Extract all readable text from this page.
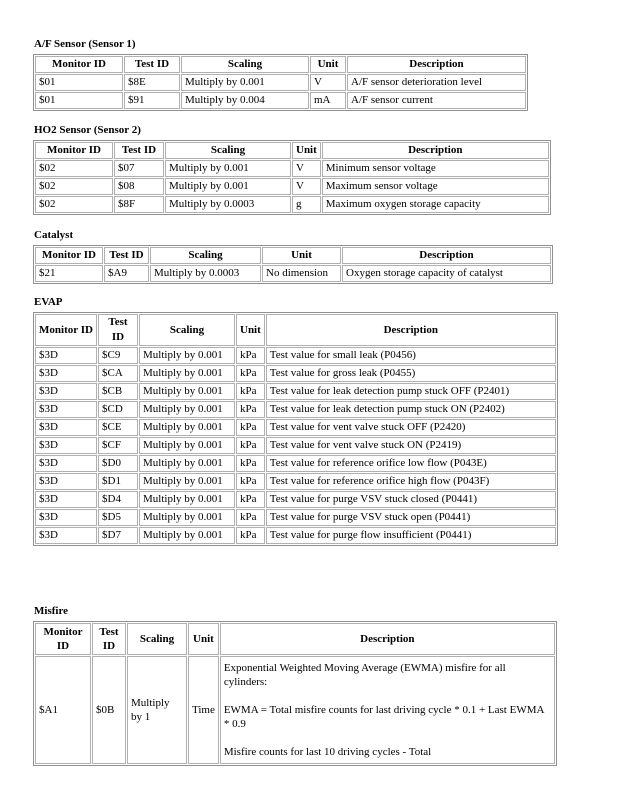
A/F Sensor (Sensor 1)
Monitor ID	Test ID	Scaling	Unit	Description
$01	$8E	Multiply by 0.001	V	A/F sensor deterioration level
$01	$91	Multiply by 0.004	mA	A/F sensor current
HO2 Sensor (Sensor 2)
Monitor ID	Test ID	Scaling	Unit	Description
$02	$07	Multiply by 0.001	V	Minimum sensor voltage
$02	$08	Multiply by 0.001	V	Maximum sensor voltage
$02	$8F	Multiply by 0.0003	g	Maximum oxygen storage capacity
Catalyst
Monitor ID	Test ID	Scaling	Unit	Description
$21	$A9	Multiply by 0.0003	No dimension	Oxygen storage capacity of catalyst
EVAP
Monitor ID	Test ID	Scaling	Unit	Description
$3D	$C9	Multiply by 0.001	kPa	Test value for small leak (P0456)
$3D	$CA	Multiply by 0.001	kPa	Test value for gross leak (P0455)
$3D	$CB	Multiply by 0.001	kPa	Test value for leak detection pump stuck OFF (P2401)
$3D	$CD	Multiply by 0.001	kPa	Test value for leak detection pump stuck ON (P2402)
$3D	$CE	Multiply by 0.001	kPa	Test value for vent valve stuck OFF (P2420)
$3D	$CF	Multiply by 0.001	kPa	Test value for vent valve stuck ON (P2419)
$3D	$D0	Multiply by 0.001	kPa	Test value for reference orifice low flow (P043E)
$3D	$D1	Multiply by 0.001	kPa	Test value for reference orifice high flow (P043F)
$3D	$D4	Multiply by 0.001	kPa	Test value for purge VSV stuck closed (P0441)
$3D	$D5	Multiply by 0.001	kPa	Test value for purge VSV stuck open (P0441)
$3D	$D7	Multiply by 0.001	kPa	Test value for purge flow insufficient (P0441)
Misfire
Monitor ID	Test ID	Scaling	Unit	Description
$A1	$0B	Multiply by 1	Time	Exponential Weighted Moving Average (EWMA) misfire for all cylinders:
EWMA = Total misfire counts for last driving cycle * 0.1 + Last EWMA * 0.9
Misfire counts for last 10 driving cycles - Total
